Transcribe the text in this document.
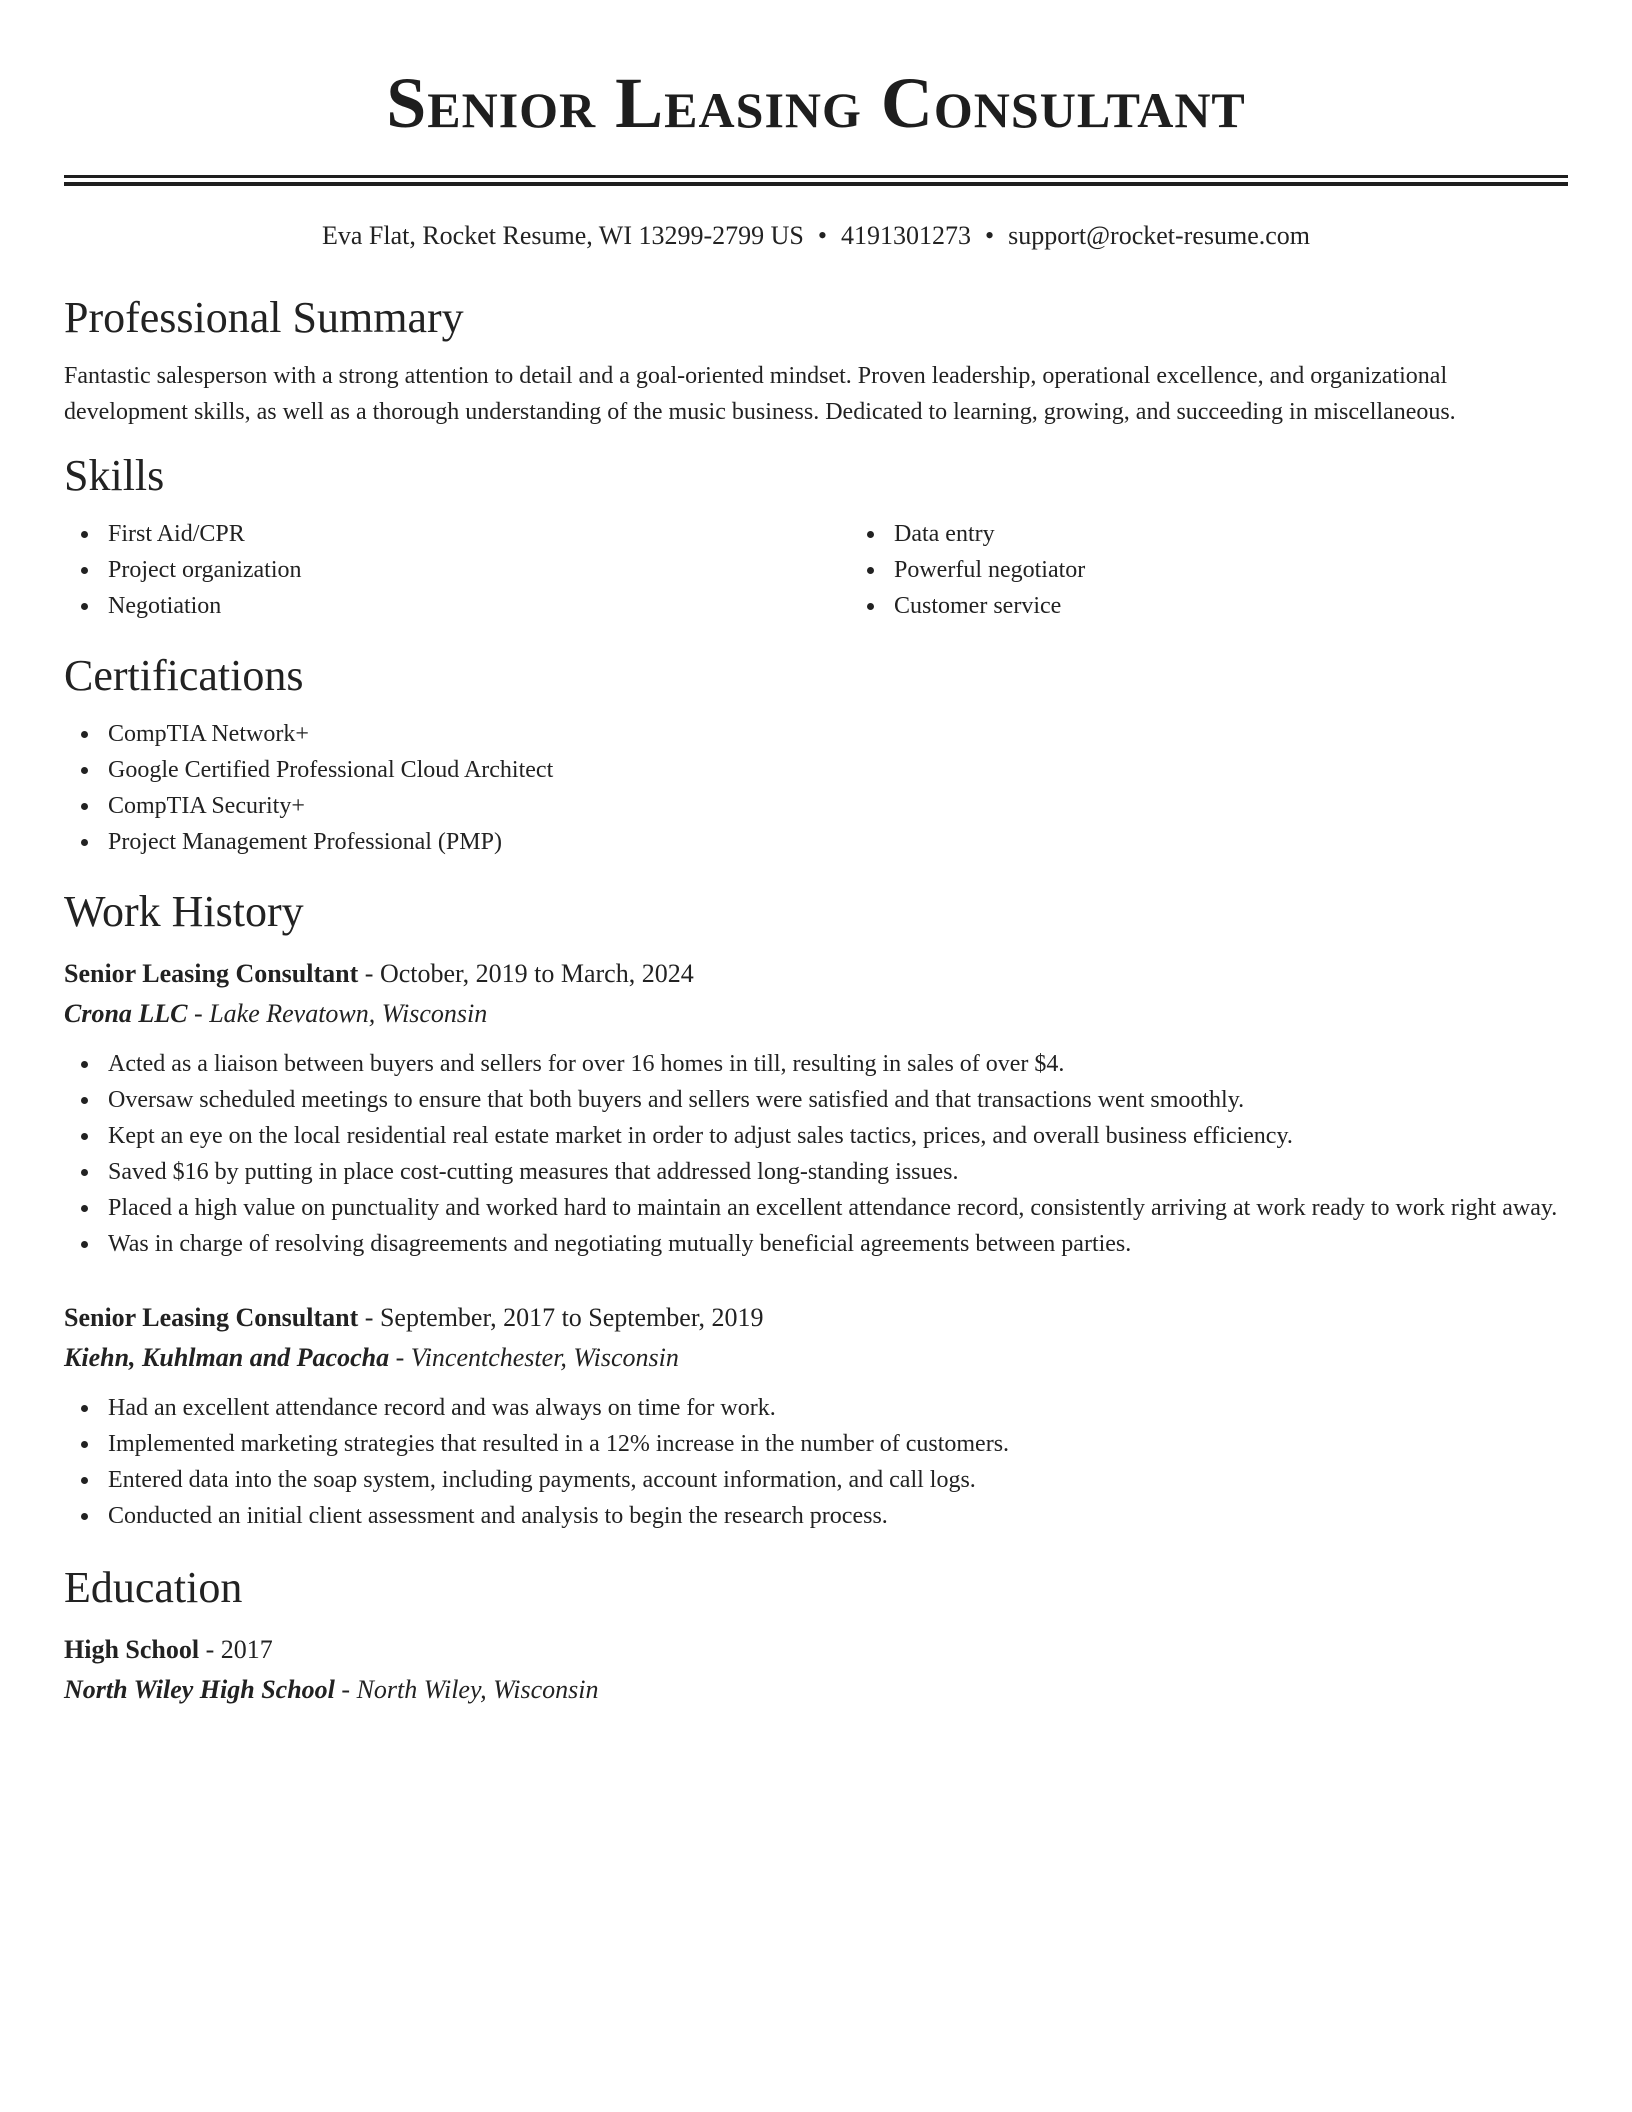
Senior Leasing Consultant
Eva Flat, Rocket Resume, WI 13299-2799 US • 4191301273 • support@rocket-resume.com
Professional Summary

Fantastic salesperson with a strong attention to detail and a goal-oriented mindset. Proven leadership, operational excellence, and organizational development skills, as well as a thorough understanding of the music business. Dedicated to learning, growing, and succeeding in miscellaneous.

Skills
First Aid/CPR
Project organization
Negotiation
Data entry
Powerful negotiator
Customer service
Certifications
CompTIA Network+
Google Certified Professional Cloud Architect
CompTIA Security+
Project Management Professional (PMP)
Work History
Senior Leasing Consultant - October, 2019 to March, 2024
Crona LLC - Lake Revatown, Wisconsin
Acted as a liaison between buyers and sellers for over 16 homes in till, resulting in sales of over $4.
Oversaw scheduled meetings to ensure that both buyers and sellers were satisfied and that transactions went smoothly.
Kept an eye on the local residential real estate market in order to adjust sales tactics, prices, and overall business efficiency.
Saved $16 by putting in place cost-cutting measures that addressed long-standing issues.
Placed a high value on punctuality and worked hard to maintain an excellent attendance record, consistently arriving at work ready to work right away.
Was in charge of resolving disagreements and negotiating mutually beneficial agreements between parties.
Senior Leasing Consultant - September, 2017 to September, 2019
Kiehn, Kuhlman and Pacocha - Vincentchester, Wisconsin
Had an excellent attendance record and was always on time for work.
Implemented marketing strategies that resulted in a 12% increase in the number of customers.
Entered data into the soap system, including payments, account information, and call logs.
Conducted an initial client assessment and analysis to begin the research process.
Education
High School - 2017
North Wiley High School - North Wiley, Wisconsin
